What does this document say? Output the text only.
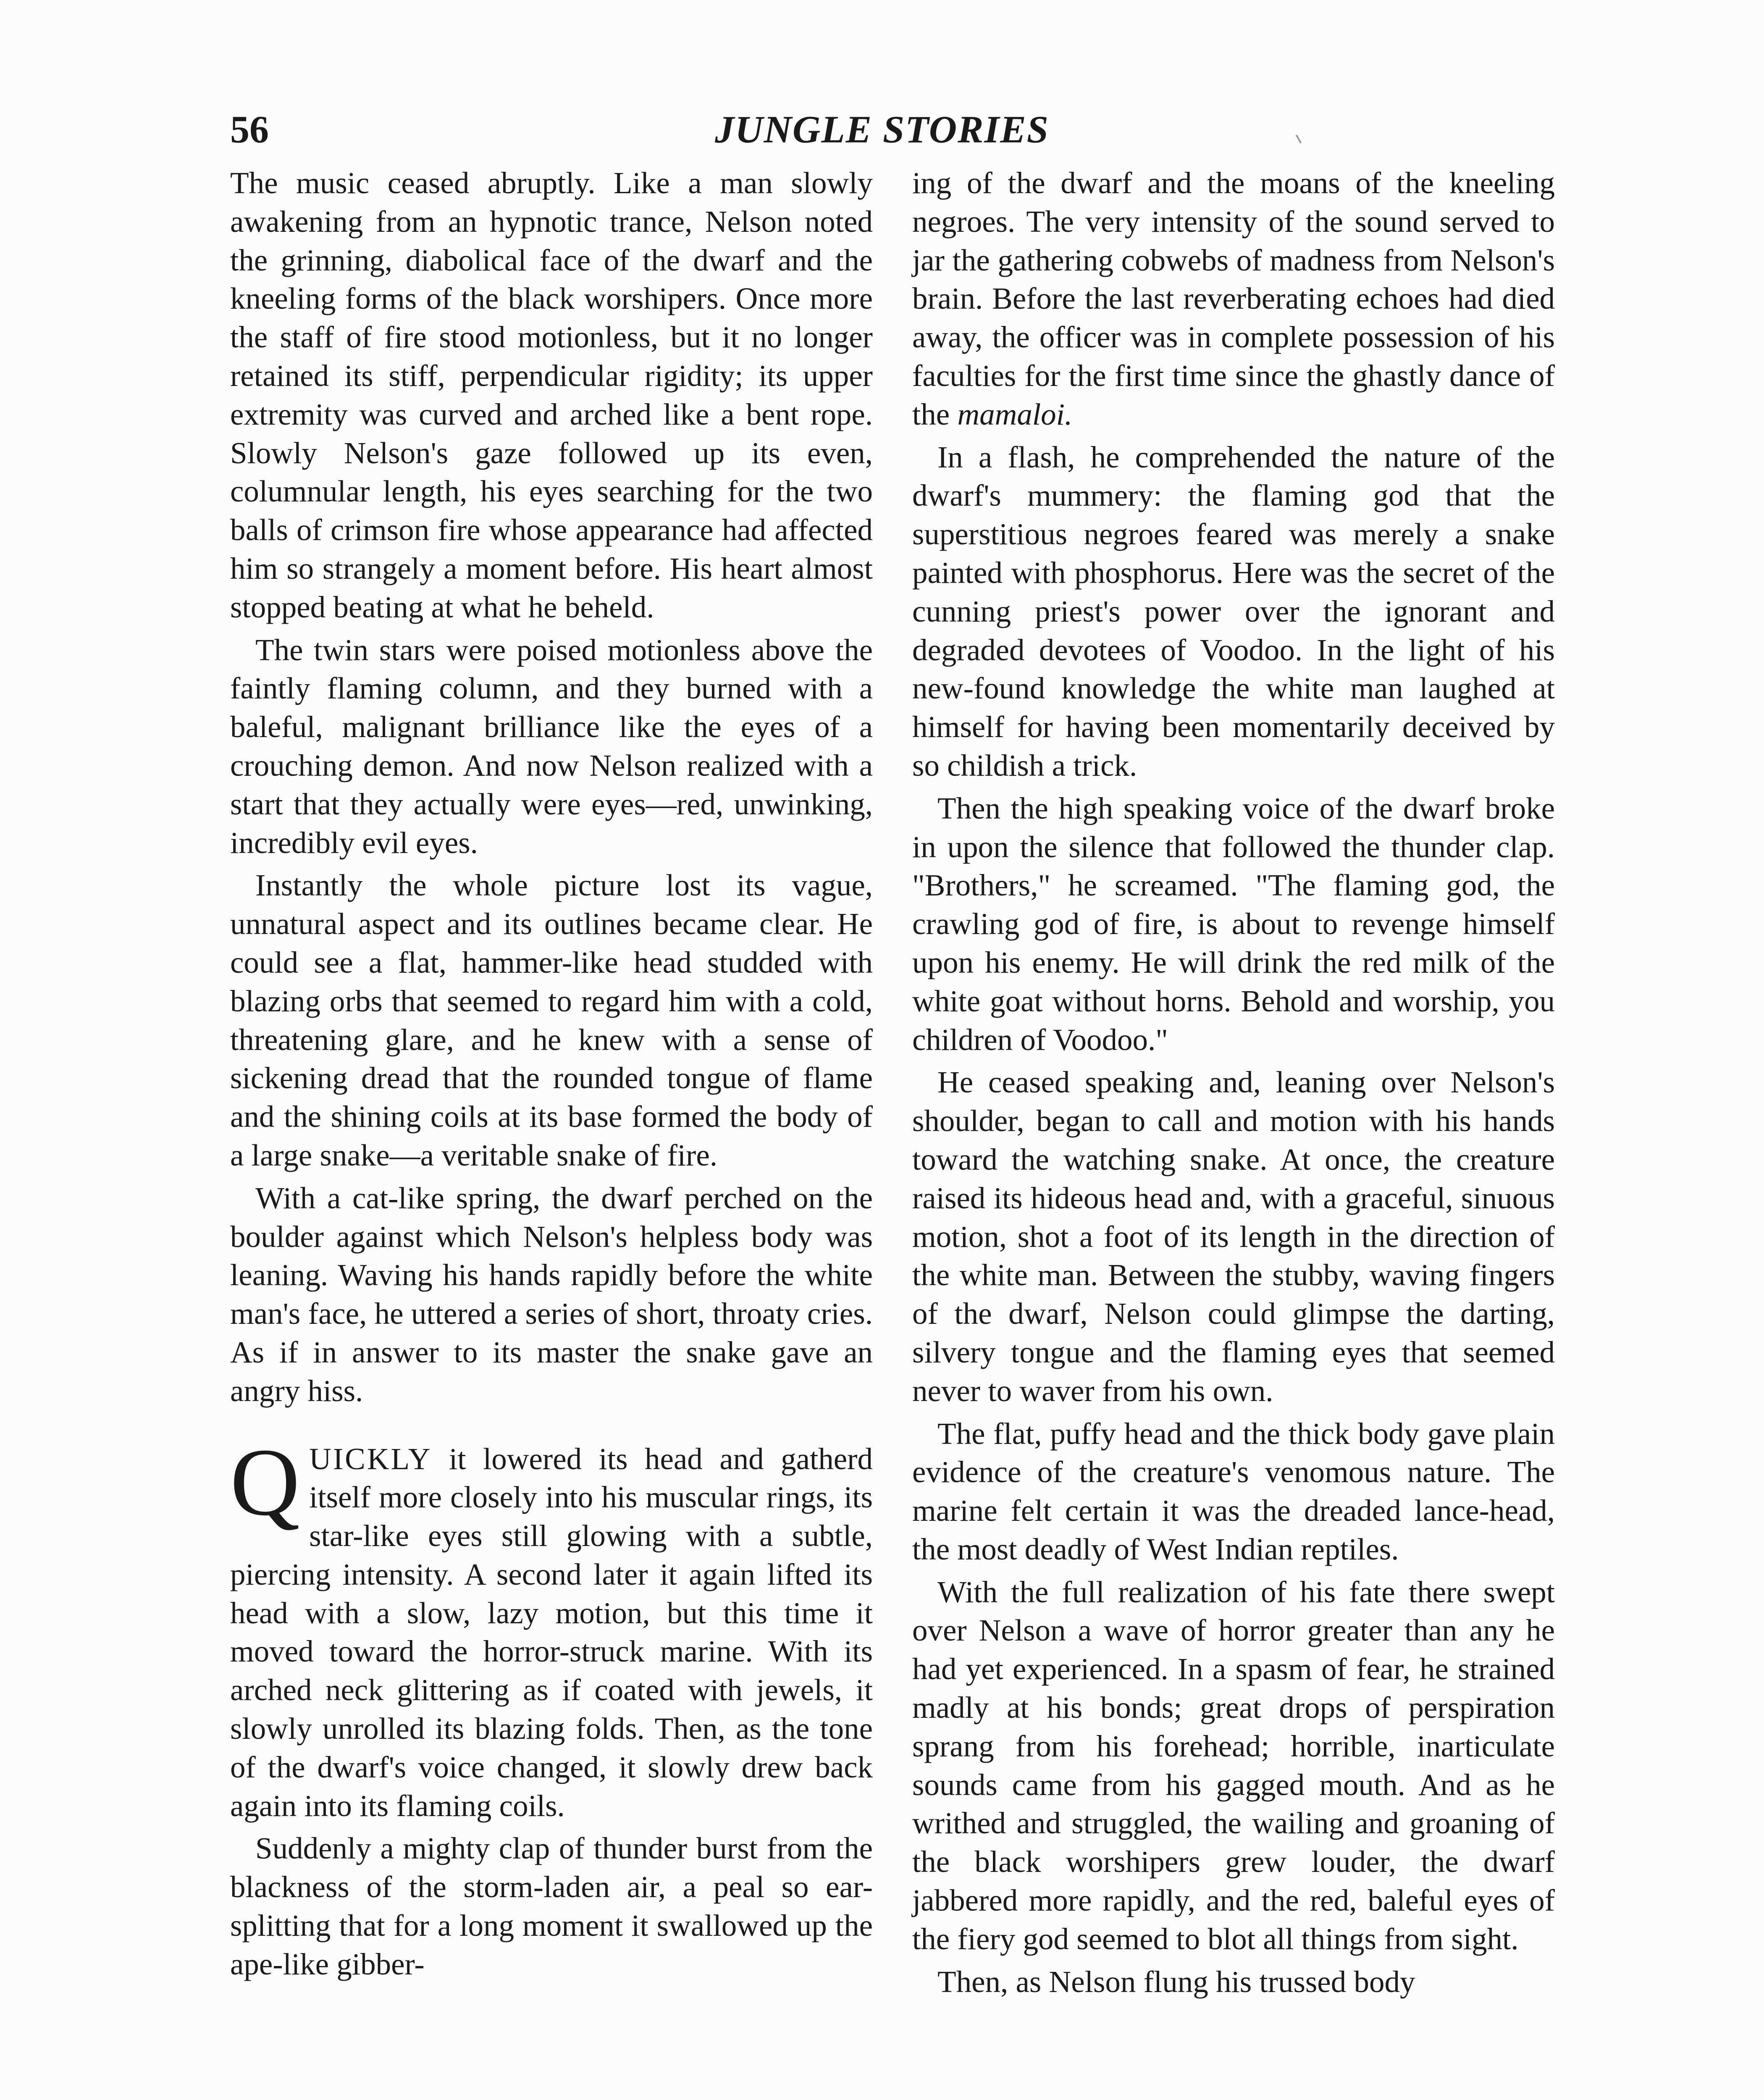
56	JUNGLE STORIES

The music ceased abruptly. Like a man slowly awakening from an hypnotic trance, Nelson noted the grinning, diabolical face of the dwarf and the kneeling forms of the black worshipers. Once more the staff of fire stood motionless, but it no longer retained its stiff, perpendicular rigidity; its upper extremity was curved and arched like a bent rope. Slowly Nelson's gaze followed up its even, columnular length, his eyes searching for the two balls of crimson fire whose appearance had affected him so strangely a moment before. His heart almost stopped beating at what he beheld.

The twin stars were poised motionless above the faintly flaming column, and they burned with a baleful, malignant brilliance like the eyes of a crouching demon. And now Nelson realized with a start that they actually were eyes—red, unwinking, incredibly evil eyes.

Instantly the whole picture lost its vague, unnatural aspect and its outlines became clear. He could see a flat, hammer-like head studded with blazing orbs that seemed to regard him with a cold, threatening glare, and he knew with a sense of sickening dread that the rounded tongue of flame and the shining coils at its base formed the body of a large snake—a veritable snake of fire.

With a cat-like spring, the dwarf perched on the boulder against which Nelson's helpless body was leaning. Waving his hands rapidly before the white man's face, he uttered a series of short, throaty cries. As if in answer to its master the snake gave an angry hiss.

QUICKLY it lowered its head and gatherd itself more closely into his muscular rings, its star-like eyes still glowing with a subtle, piercing intensity. A second later it again lifted its head with a slow, lazy motion, but this time it moved toward the horror-struck marine. With its arched neck glittering as if coated with jewels, it slowly unrolled its blazing folds. Then, as the tone of the dwarf's voice changed, it slowly drew back again into its flaming coils.

Suddenly a mighty clap of thunder burst from the blackness of the storm-laden air, a peal so ear-splitting that for a long moment it swallowed up the ape-like gibber-

ing of the dwarf and the moans of the kneeling negroes. The very intensity of the sound served to jar the gathering cobwebs of madness from Nelson's brain. Before the last reverberating echoes had died away, the officer was in complete possession of his faculties for the first time since the ghastly dance of the mamaloi.

In a flash, he comprehended the nature of the dwarf's mummery: the flaming god that the superstitious negroes feared was merely a snake painted with phosphorus. Here was the secret of the cunning priest's power over the ignorant and degraded devotees of Voodoo. In the light of his new-found knowledge the white man laughed at himself for having been momentarily deceived by so childish a trick.

Then the high speaking voice of the dwarf broke in upon the silence that followed the thunder clap. "Brothers," he screamed. "The flaming god, the crawling god of fire, is about to revenge himself upon his enemy. He will drink the red milk of the white goat without horns. Behold and worship, you children of Voodoo."

He ceased speaking and, leaning over Nelson's shoulder, began to call and motion with his hands toward the watching snake. At once, the creature raised its hideous head and, with a graceful, sinuous motion, shot a foot of its length in the direction of the white man. Between the stubby, waving fingers of the dwarf, Nelson could glimpse the darting, silvery tongue and the flaming eyes that seemed never to waver from his own.

The flat, puffy head and the thick body gave plain evidence of the creature's venomous nature. The marine felt certain it was the dreaded lance-head, the most deadly of West Indian reptiles.

With the full realization of his fate there swept over Nelson a wave of horror greater than any he had yet experienced. In a spasm of fear, he strained madly at his bonds; great drops of perspiration sprang from his forehead; horrible, inarticulate sounds came from his gagged mouth. And as he writhed and struggled, the wailing and groaning of the black worshipers grew louder, the dwarf jabbered more rapidly, and the red, baleful eyes of the fiery god seemed to blot all things from sight.

Then, as Nelson flung his trussed body
